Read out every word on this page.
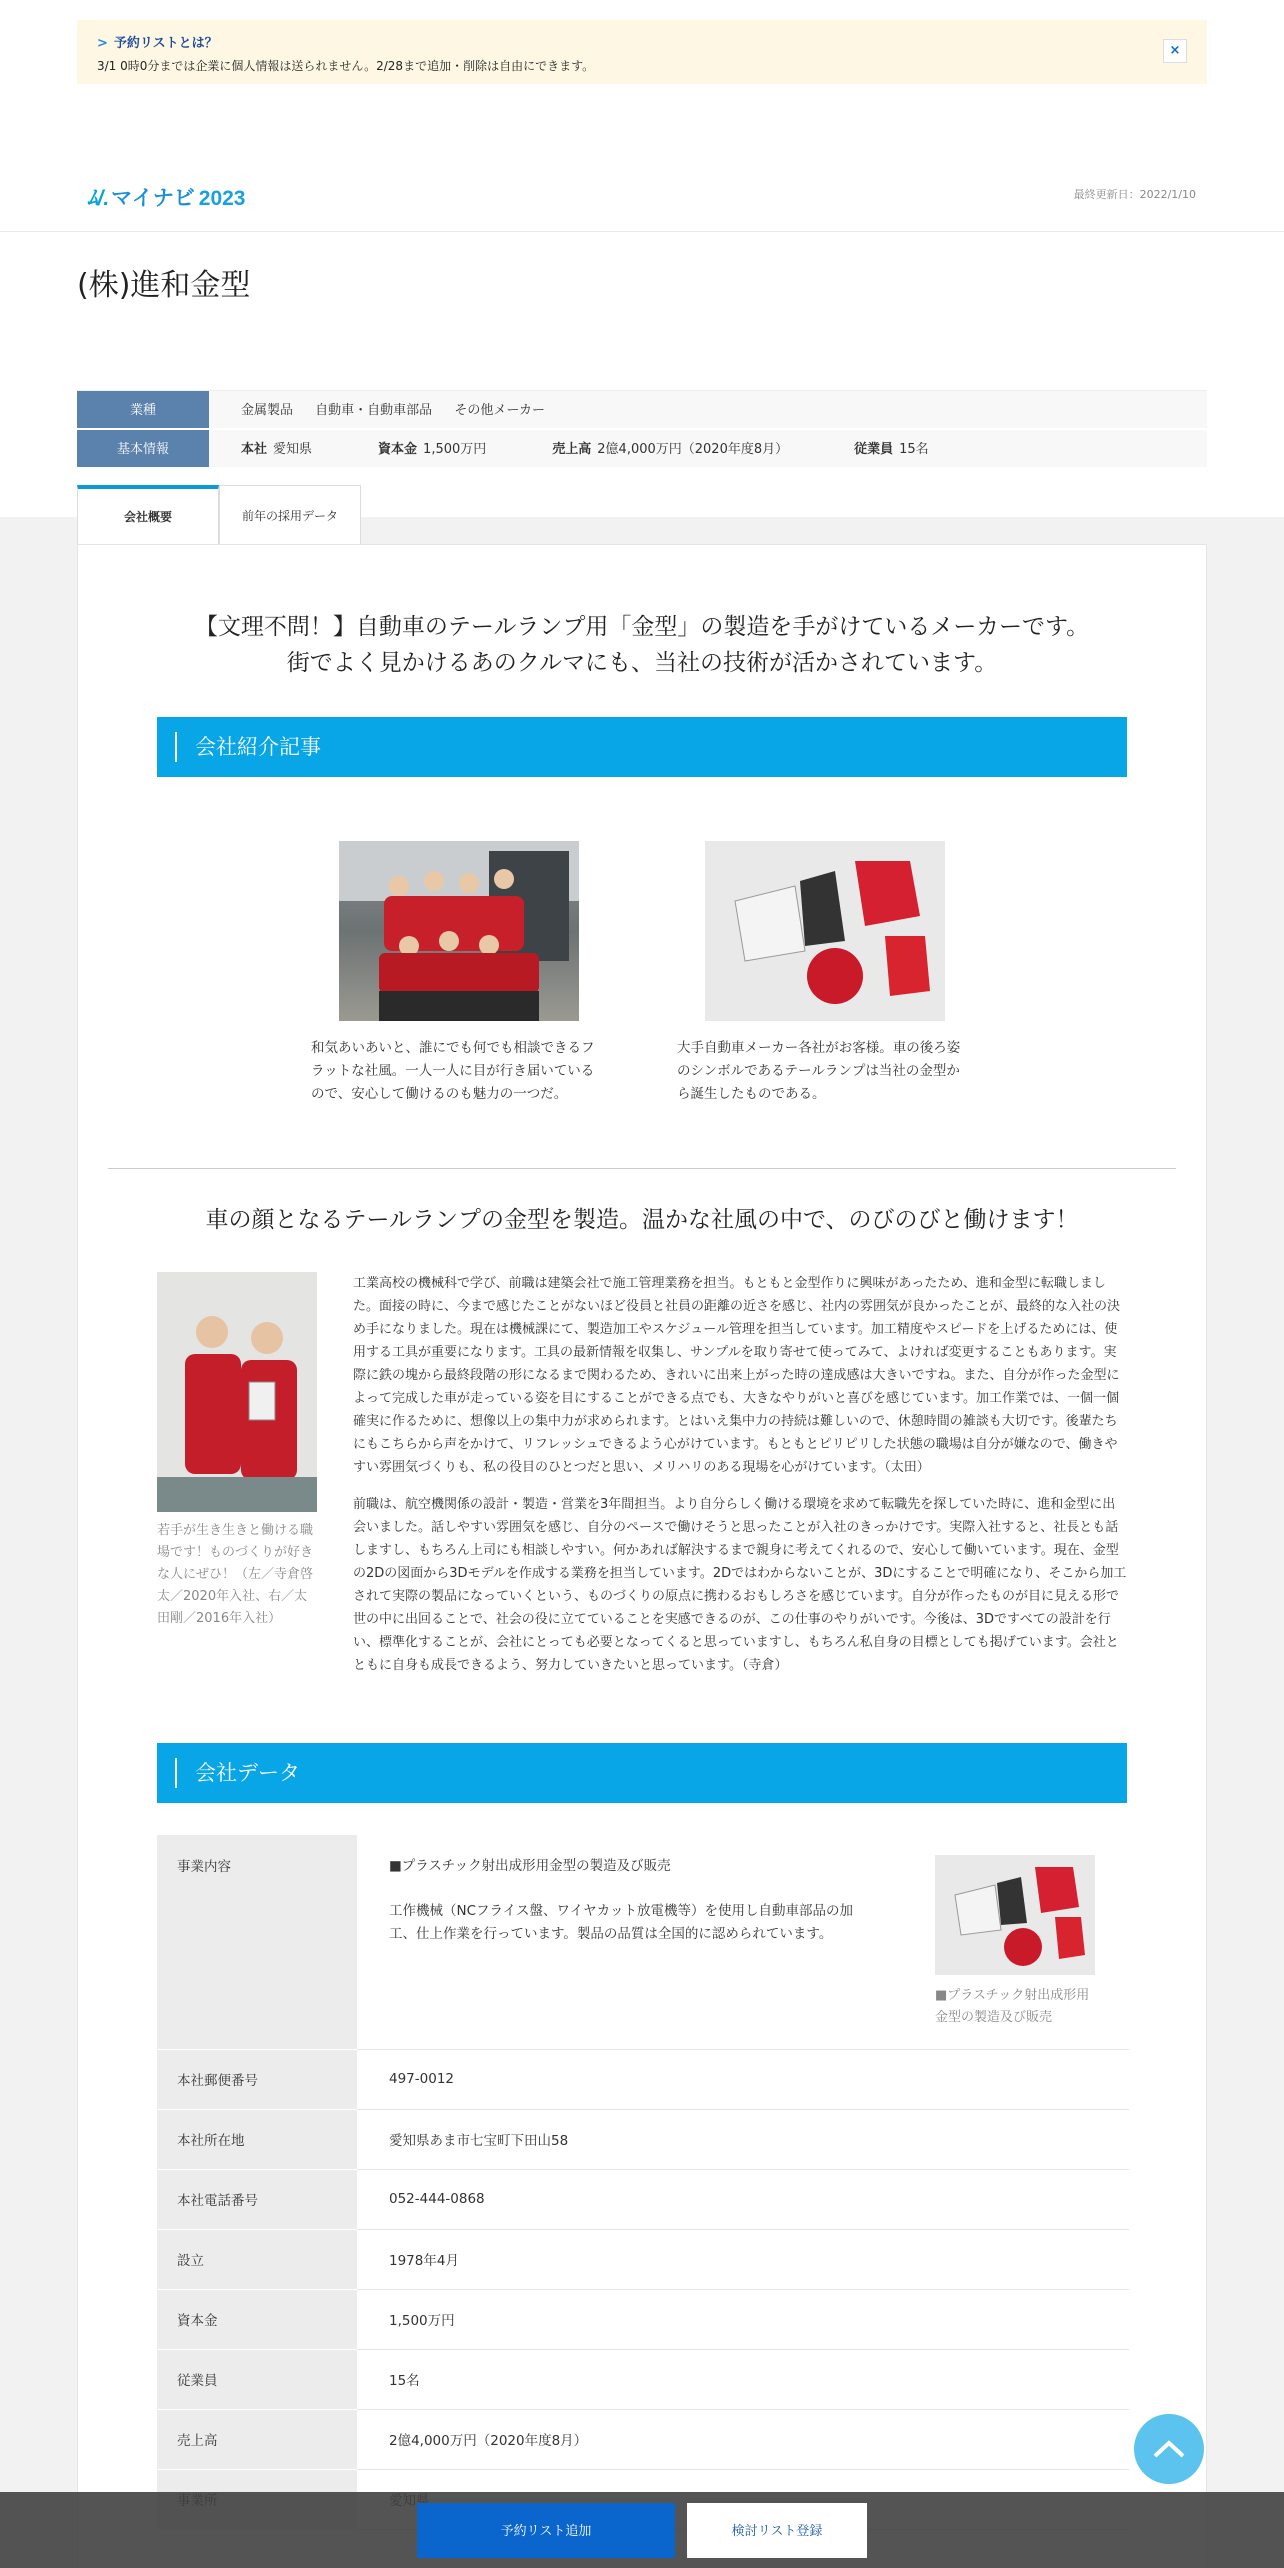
> 予約リストとは？
3/1 0時0分までは企業に個人情報は送られません。2/28まで追加・削除は自由にできます。
×
ﾑ/.マイナビ 2023	最終更新日：2022/1/10
(株)進和金型
業種	金属製品 自動車・自動車部品 その他メーカー
基本情報	本社 愛知県	資本金 1,500万円	売上高 2億4,000万円（2020年度8月）	従業員 15名
会社概要	前年の採用データ
【文理不問！】自動車のテールランプ用「金型」の製造を手がけているメーカーです。
街でよく見かけるあのクルマにも、当社の技術が活かされています。
会社紹介記事

和気あいあいと、誰にでも何でも相談できるフラットな社風。一人一人に目が行き届いているので、安心して働けるのも魅力の一つだ。

大手自動車メーカー各社がお客様。車の後ろ姿のシンボルであるテールランプは当社の金型から誕生したものである。

車の顔となるテールランプの金型を製造。温かな社風の中で、のびのびと働けます！

若手が生き生きと働ける職場です！ものづくりが好きな人にぜひ！（左／寺倉啓太／2020年入社、右／太田剛／2016年入社）

工業高校の機械科で学び、前職は建築会社で施工管理業務を担当。もともと金型作りに興味があったため、進和金型に転職しました。面接の時に、今まで感じたことがないほど役員と社員の距離の近さを感じ、社内の雰囲気が良かったことが、最終的な入社の決め手になりました。現在は機械課にて、製造加工やスケジュール管理を担当しています。加工精度やスピードを上げるためには、使用する工具が重要になります。工具の最新情報を収集し、サンプルを取り寄せて使ってみて、よければ変更することもあります。実際に鉄の塊から最終段階の形になるまで関わるため、きれいに出来上がった時の達成感は大きいですね。また、自分が作った金型によって完成した車が走っている姿を目にすることができる点でも、大きなやりがいと喜びを感じています。加工作業では、一個一個確実に作るために、想像以上の集中力が求められます。とはいえ集中力の持続は難しいので、休憩時間の雑談も大切です。後輩たちにもこちらから声をかけて、リフレッシュできるよう心がけています。もともとピリピリした状態の職場は自分が嫌なので、働きやすい雰囲気づくりも、私の役目のひとつだと思い、メリハリのある現場を心がけています。（太田）

前職は、航空機関係の設計・製造・営業を3年間担当。より自分らしく働ける環境を求めて転職先を探していた時に、進和金型に出会いました。話しやすい雰囲気を感じ、自分のペースで働けそうと思ったことが入社のきっかけです。実際入社すると、社長とも話しますし、もちろん上司にも相談しやすい。何かあれば解決するまで親身に考えてくれるので、安心して働いています。現在、金型の2Dの図面から3Dモデルを作成する業務を担当しています。2Dではわからないことが、3Dにすることで明確になり、そこから加工されて実際の製品になっていくという、ものづくりの原点に携わるおもしろさを感じています。自分が作ったものが目に見える形で世の中に出回ることで、社会の役に立てていることを実感できるのが、この仕事のやりがいです。今後は、3Dですべての設計を行い、標準化することが、会社にとっても必要となってくると思っていますし、もちろん私自身の目標としても掲げています。会社とともに自身も成長できるよう、努力していきたいと思っています。（寺倉）

会社データ
事業内容	■プラスチック射出成形用金型の製造及び販売

工作機械（NCフライス盤、ワイヤカット放電機等）を使用し自動車部品の加工、仕上作業を行っています。製品の品質は全国的に認められています。

■プラスチック射出成形用金型の製造及び販売

本社郵便番号	497-0012
本社所在地	愛知県あま市七宝町下田山58
本社電話番号	052-444-0868
設立	1978年4月
資本金	1,500万円
従業員	15名
売上高	2億4,000万円（2020年度8月）

予約リスト追加	検討リスト登録
